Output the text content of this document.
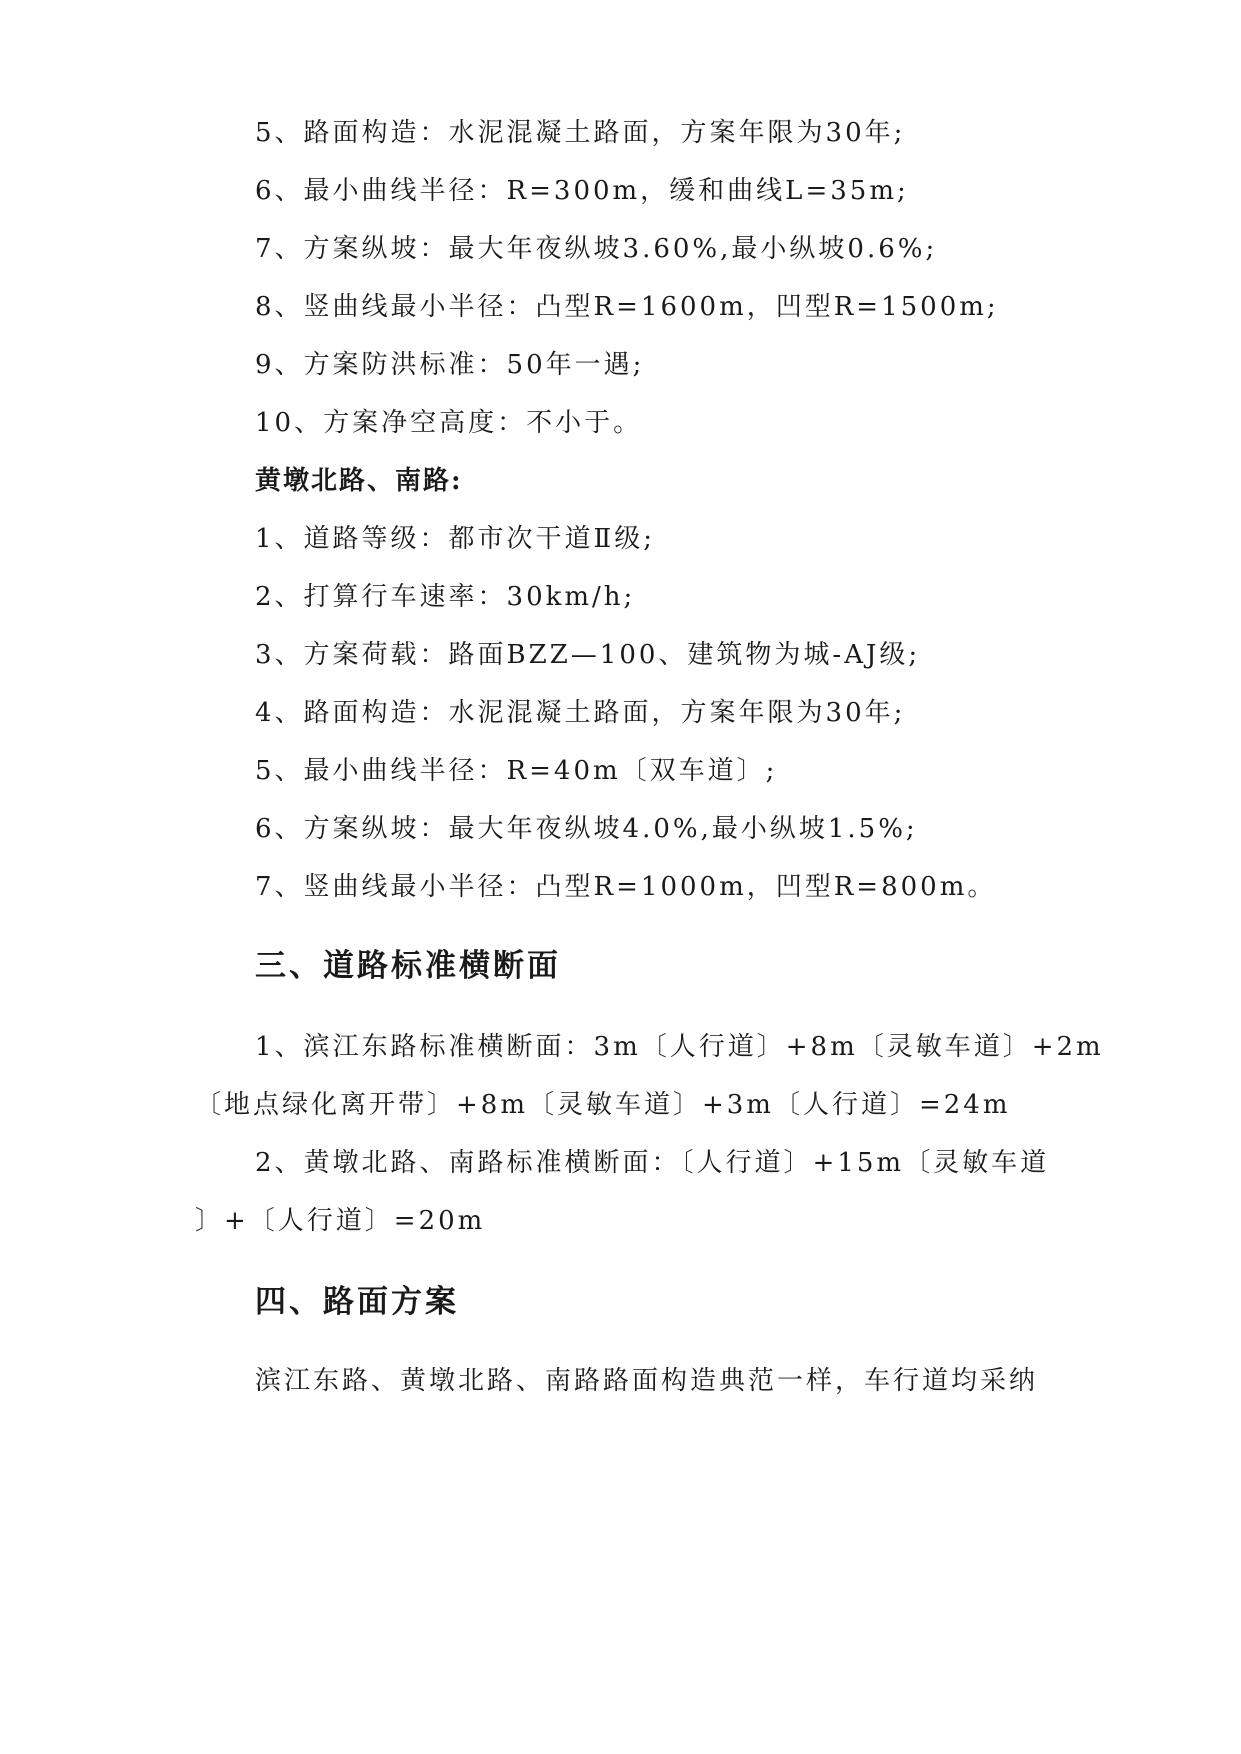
5、路面构造：水泥混凝土路面，方案年限为30年;
6、最小曲线半径：R=300m，缓和曲线L=35m;
7、方案纵坡：最大年夜纵坡3.60%,最小纵坡0.6%;
8、竖曲线最小半径：凸型R=1600m，凹型R=1500m;
9、方案防洪标准：50年一遇;
10、方案净空高度：不小于。
黄墩北路、南路:
1、道路等级：都市次干道Ⅱ级;
2、打算行车速率：30km/h;
3、方案荷载：路面BZZ—100、建筑物为城-AJ级;
4、路面构造：水泥混凝土路面，方案年限为30年;
5、最小曲线半径：R=40m〔双车道〕;
6、方案纵坡：最大年夜纵坡4.0%,最小纵坡1.5%;
7、竖曲线最小半径：凸型R=1000m，凹型R=800m。
三、道路标准横断面
1、滨江东路标准横断面：3m〔人行道〕+8m〔灵敏车道〕+2m
〔地点绿化离开带〕+8m〔灵敏车道〕+3m〔人行道〕=24m
2、黄墩北路、南路标准横断面：〔人行道〕+15m〔灵敏车道
〕+〔人行道〕=20m
四、路面方案
滨江东路、黄墩北路、南路路面构造典范一样，车行道均采纳
